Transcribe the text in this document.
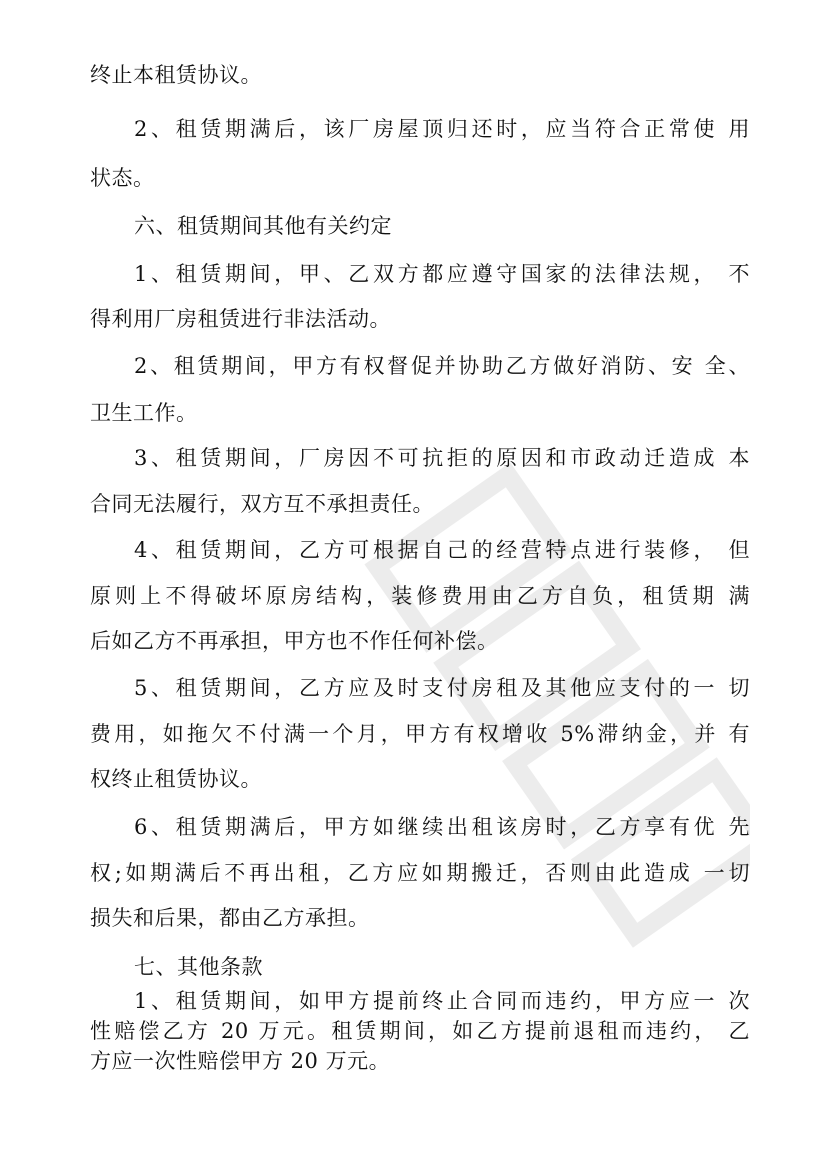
终止本租赁协议。
2、租赁期满后，该厂房屋顶归还时，应当符合正常使 用
状态。
六、租赁期间其他有关约定
1、租赁期间，甲、乙双方都应遵守国家的法律法规， 不
得利用厂房租赁进行非法活动。
2、租赁期间，甲方有权督促并协助乙方做好消防、安 全、
卫生工作。
3、租赁期间，厂房因不可抗拒的原因和市政动迁造成 本
合同无法履行，双方互不承担责任。
4、租赁期间，乙方可根据自己的经营特点进行装修， 但
原则上不得破坏原房结构，装修费用由乙方自负，租赁期 满
后如乙方不再承担，甲方也不作任何补偿。
5、租赁期间，乙方应及时支付房租及其他应支付的一 切
费用，如拖欠不付满一个月，甲方有权增收 5%滞纳金，并 有
权终止租赁协议。
6、租赁期满后，甲方如继续出租该房时，乙方享有优 先
权;如期满后不再出租，乙方应如期搬迁，否则由此造成 一切
损失和后果，都由乙方承担。
七、其他条款
1、租赁期间，如甲方提前终止合同而违约，甲方应一 次
性赔偿乙方 20 万元。租赁期间，如乙方提前退租而违约， 乙
方应一次性赔偿甲方 20 万元。
